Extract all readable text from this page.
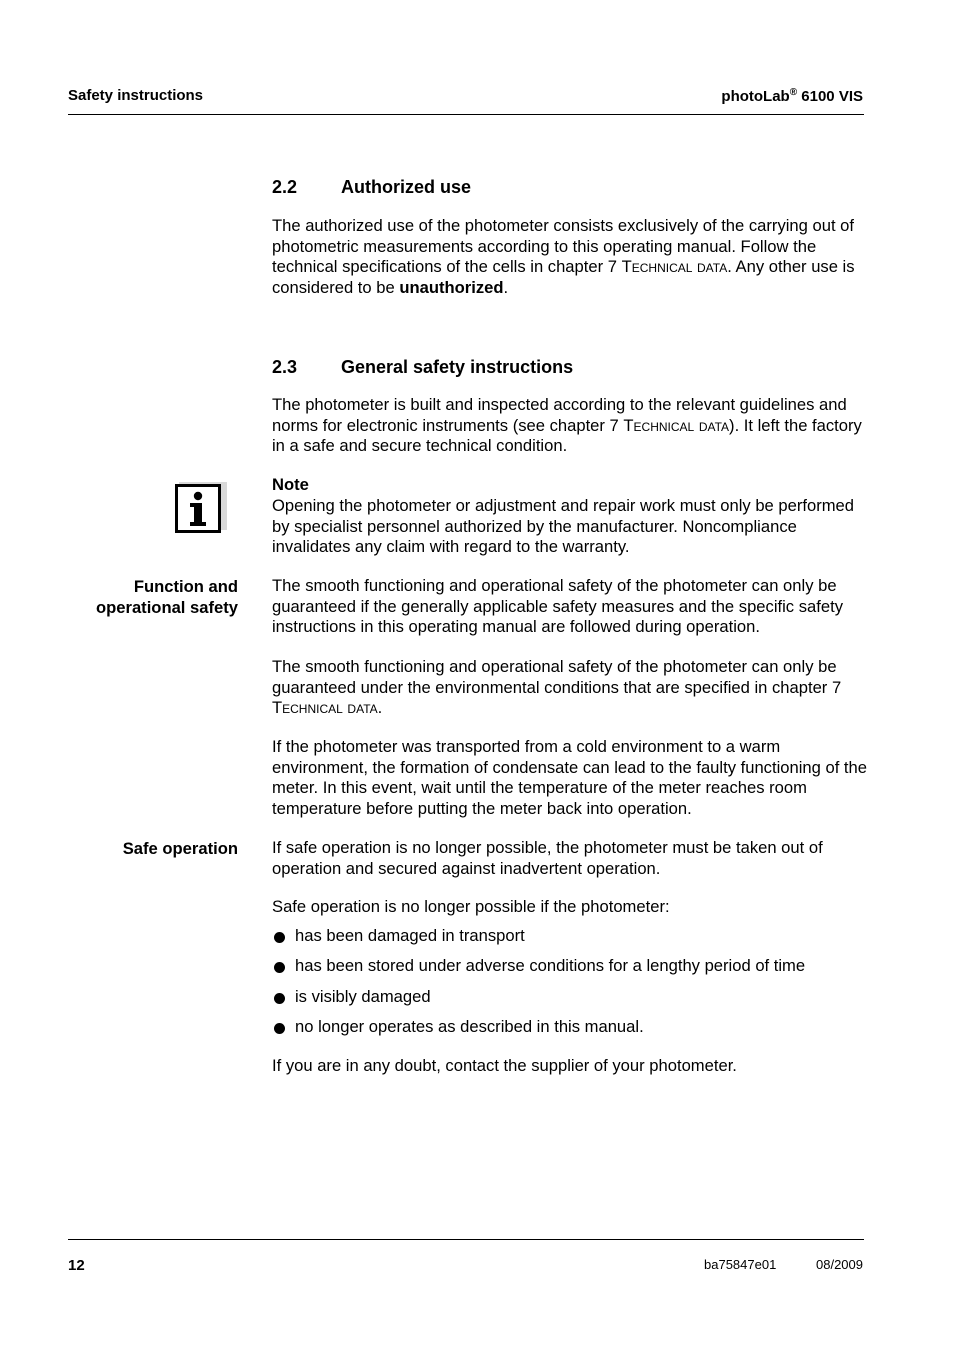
Safety instructions	photoLab® 6100 VIS
2.2 Authorized use
The authorized use of the photometer consists exclusively of the carrying out of photometric measurements according to this operating manual. Follow the technical specifications of the cells in chapter 7 Technical data. Any other use is considered to be unauthorized.
2.3 General safety instructions
The photometer is built and inspected according to the relevant guidelines and norms for electronic instruments (see chapter 7 Technical data). It left the factory in a safe and secure technical condition.
Note
Opening the photometer or adjustment and repair work must only be performed by specialist personnel authorized by the manufacturer. Noncompliance invalidates any claim with regard to the warranty.
Function and
operational safety
The smooth functioning and operational safety of the photometer can only be guaranteed if the generally applicable safety measures and the specific safety instructions in this operating manual are followed during operation.
The smooth functioning and operational safety of the photometer can only be guaranteed under the environmental conditions that are specified in chapter 7 Technical data.
If the photometer was transported from a cold environment to a warm environment, the formation of condensate can lead to the faulty functioning of the meter. In this event, wait until the temperature of the meter reaches room temperature before putting the meter back into operation.
Safe operation If safe operation is no longer possible, the photometer must be taken out of operation and secured against inadvertent operation.
Safe operation is no longer possible if the photometer:
has been damaged in transport
has been stored under adverse conditions for a lengthy period of time
is visibly damaged
no longer operates as described in this manual.
If you are in any doubt, contact the supplier of your photometer.
12	ba75847e01	08/2009
